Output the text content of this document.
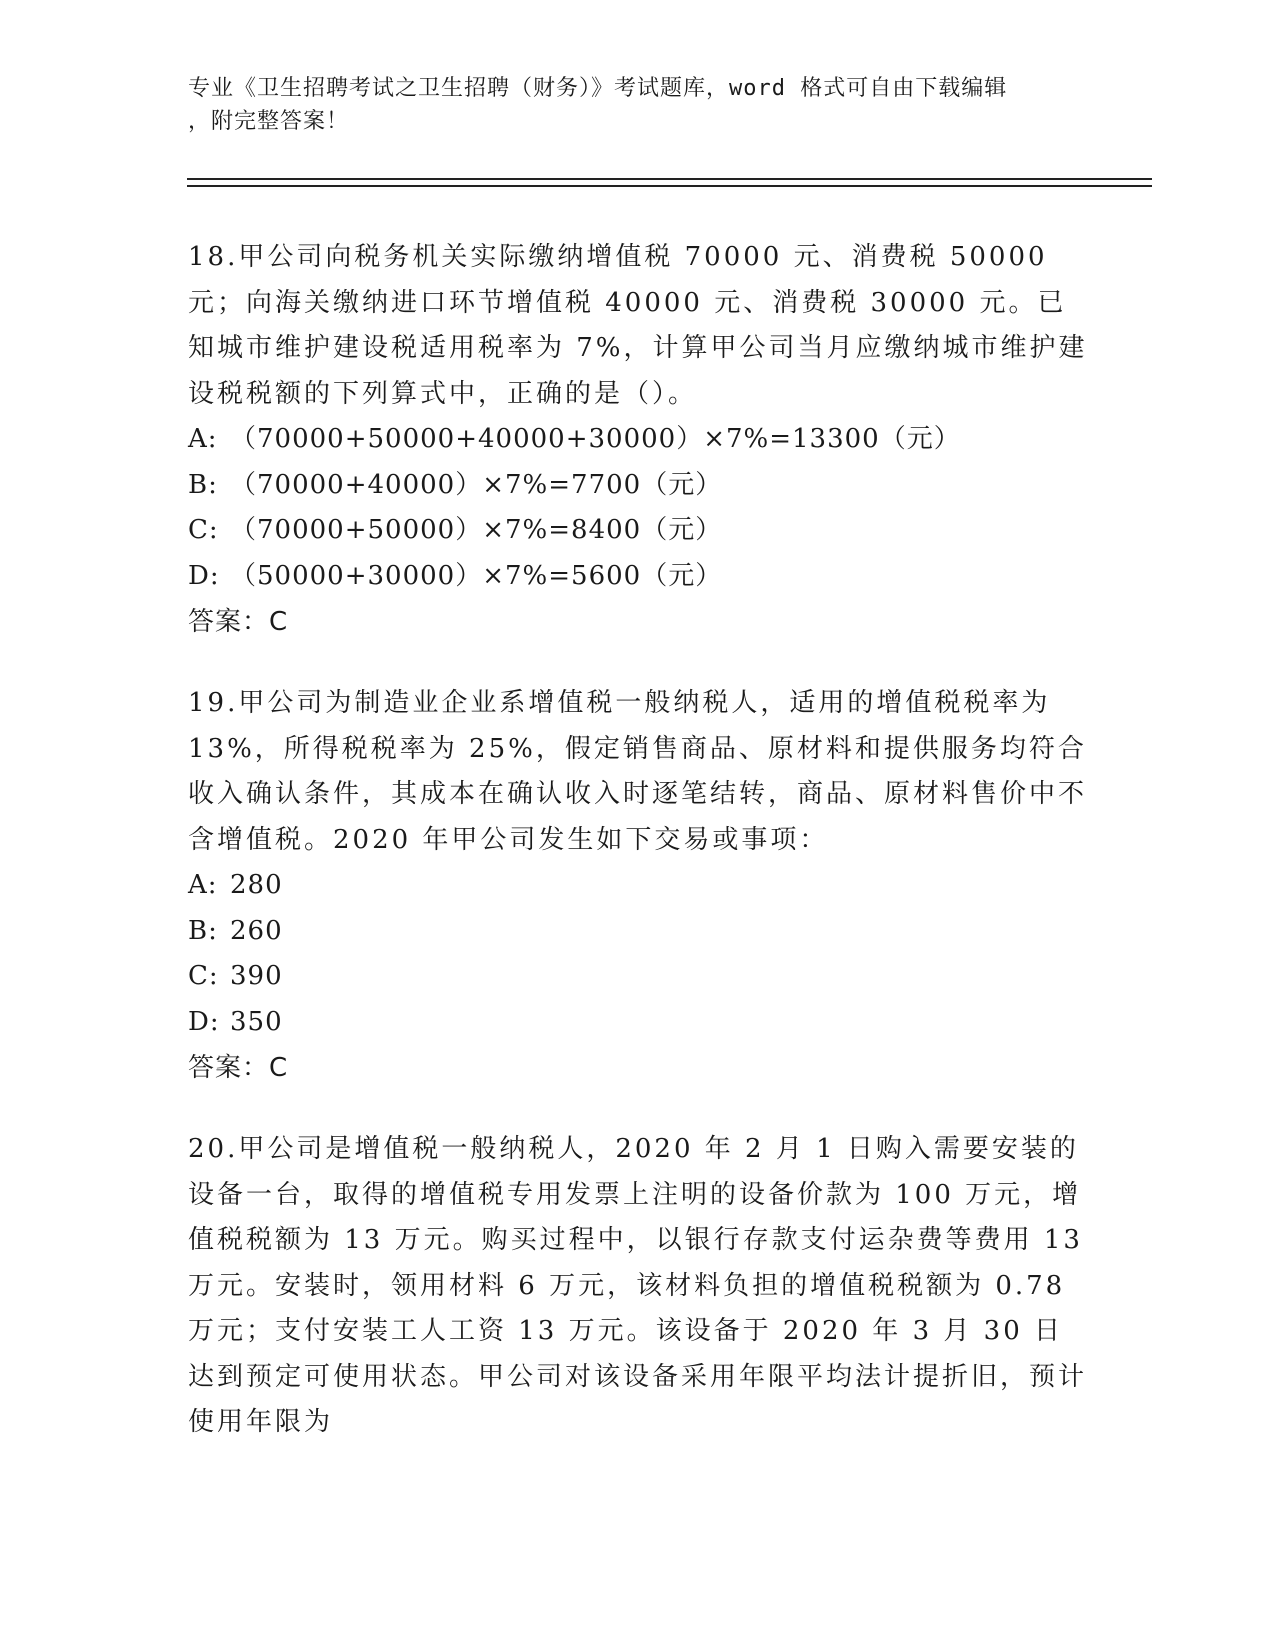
专业《卫生招聘考试之卫生招聘（财务）》考试题库，word 格式可自由下载编辑
，附完整答案！

18.甲公司向税务机关实际缴纳增值税 70000 元、消费税 50000 元；向海关缴纳进口环节增值税 40000 元、消费税 30000 元。已知城市维护建设税适用税率为 7%，计算甲公司当月应缴纳城市维护建设税税额的下列算式中，正确的是（）。

A: （70000+50000+40000+30000）×7%=13300（元）

B: （70000+40000）×7%=7700（元）

C: （70000+50000）×7%=8400（元）

D: （50000+30000）×7%=5600（元）

答案：C

19.甲公司为制造业企业系增值税一般纳税人，适用的增值税税率为 13%，所得税税率为 25%，假定销售商品、原材料和提供服务均符合收入确认条件，其成本在确认收入时逐笔结转，商品、原材料售价中不含增值税。2020 年甲公司发生如下交易或事项：

A: 280

B: 260

C: 390

D: 350

答案：C

20.甲公司是增值税一般纳税人，2020 年 2 月 1 日购入需要安装的设备一台，取得的增值税专用发票上注明的设备价款为 100 万元，增值税税额为 13 万元。购买过程中，以银行存款支付运杂费等费用 13 万元。安装时，领用材料 6 万元，该材料负担的增值税税额为 0.78 万元；支付安装工人工资 13 万元。该设备于 2020 年 3 月 30 日达到预定可使用状态。甲公司对该设备采用年限平均法计提折旧，预计使用年限为
